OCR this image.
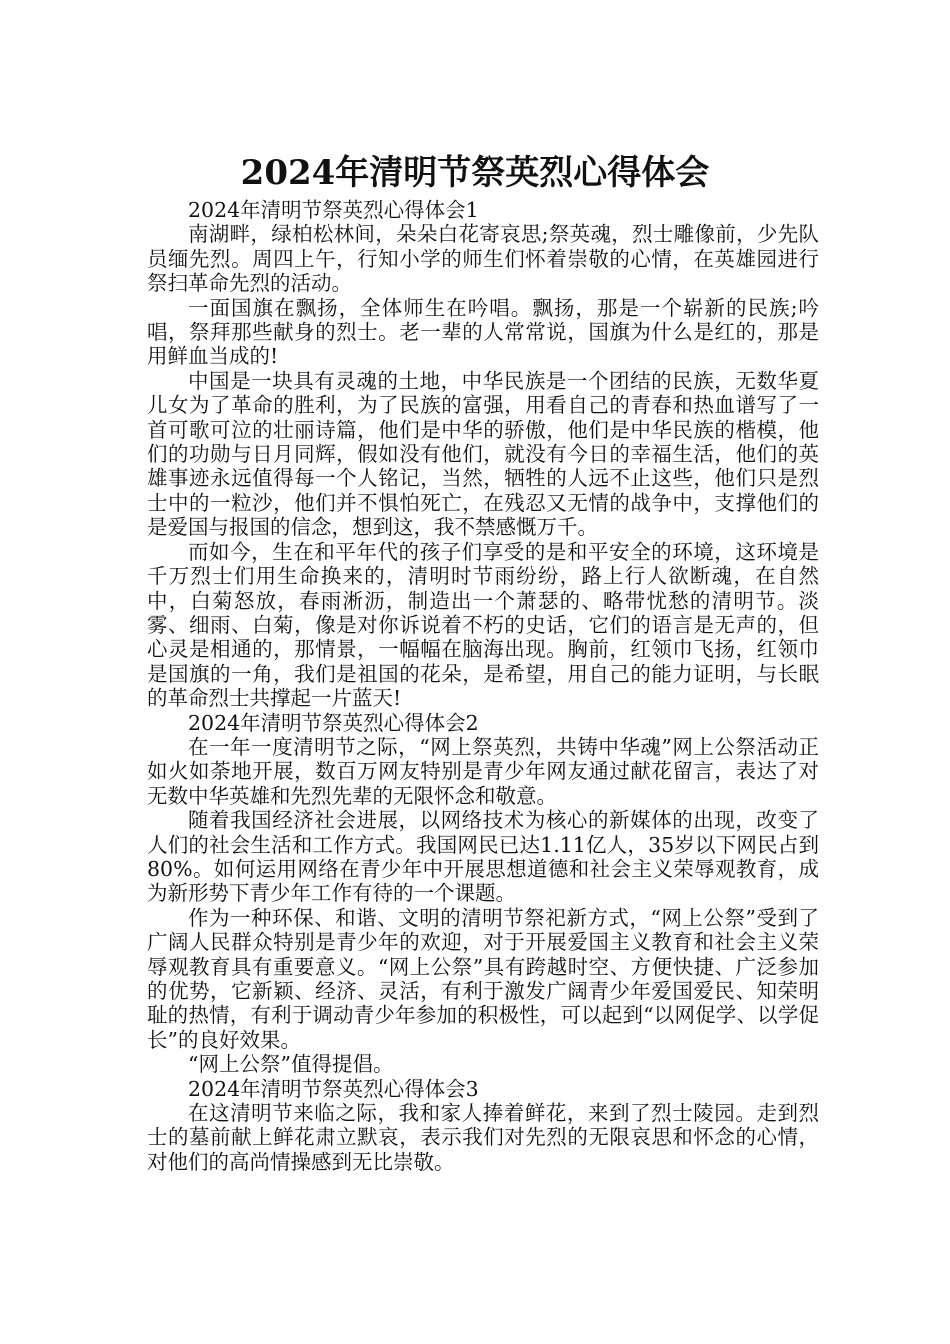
2024年清明节祭英烈心得体会

2024年清明节祭英烈心得体会1

南湖畔，绿柏松林间，朵朵白花寄哀思;祭英魂，烈士雕像前，少先队员缅先烈。周四上午，行知小学的师生们怀着崇敬的心情，在英雄园进行祭扫革命先烈的活动。

一面国旗在飘扬，全体师生在吟唱。飘扬，那是一个崭新的民族;吟唱，祭拜那些献身的烈士。老一辈的人常常说，国旗为什么是红的，那是用鲜血当成的!

中国是一块具有灵魂的土地，中华民族是一个团结的民族，无数华夏儿女为了革命的胜利，为了民族的富强，用看自己的青春和热血谱写了一首可歌可泣的壮丽诗篇，他们是中华的骄傲，他们是中华民族的楷模，他们的功勋与日月同辉，假如没有他们，就没有今日的幸福生活，他们的英雄事迹永远值得每一个人铭记，当然，牺牲的人远不止这些，他们只是烈士中的一粒沙，他们并不惧怕死亡，在残忍又无情的战争中，支撑他们的是爱国与报国的信念，想到这，我不禁感慨万千。

而如今，生在和平年代的孩子们享受的是和平安全的环境，这环境是千万烈士们用生命换来的，清明时节雨纷纷，路上行人欲断魂，在自然中，白菊怒放，春雨淅沥，制造出一个萧瑟的、略带忧愁的清明节。淡雾、细雨、白菊，像是对你诉说着不朽的史话，它们的语言是无声的，但心灵是相通的，那情景，一幅幅在脑海出现。胸前，红领巾飞扬，红领巾是国旗的一角，我们是祖国的花朵，是希望，用自己的能力证明，与长眠的革命烈士共撑起一片蓝天!

2024年清明节祭英烈心得体会2

在一年一度清明节之际，“网上祭英烈，共铸中华魂”网上公祭活动正如火如荼地开展，数百万网友特别是青少年网友通过献花留言，表达了对无数中华英雄和先烈先辈的无限怀念和敬意。

随着我国经济社会进展，以网络技术为核心的新媒体的出现，改变了人们的社会生活和工作方式。我国网民已达1.11亿人，35岁以下网民占到80%。如何运用网络在青少年中开展思想道德和社会主义荣辱观教育，成为新形势下青少年工作有待的一个课题。

作为一种环保、和谐、文明的清明节祭祀新方式，“网上公祭”受到了广阔人民群众特别是青少年的欢迎，对于开展爱国主义教育和社会主义荣辱观教育具有重要意义。“网上公祭”具有跨越时空、方便快捷、广泛参加的优势，它新颖、经济、灵活，有利于激发广阔青少年爱国爱民、知荣明耻的热情，有利于调动青少年参加的积极性，可以起到“以网促学、以学促长”的良好效果。

“网上公祭”值得提倡。

2024年清明节祭英烈心得体会3

在这清明节来临之际，我和家人捧着鲜花，来到了烈士陵园。走到烈士的墓前献上鲜花肃立默哀，表示我们对先烈的无限哀思和怀念的心情，对他们的高尚情操感到无比崇敬。
